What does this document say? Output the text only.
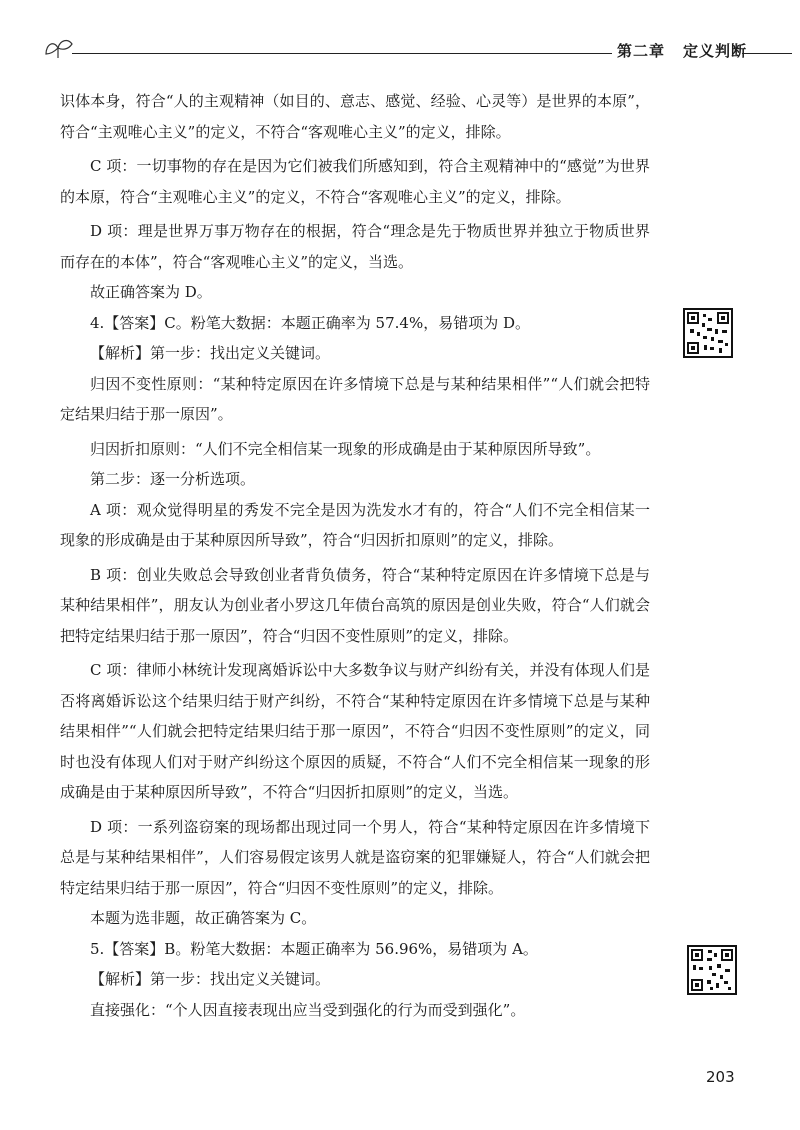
第二章 定义判断

识体本身，符合“人的主观精神（如目的、意志、感觉、经验、心灵等）是世界的本原”，符合“主观唯心主义”的定义，不符合“客观唯心主义”的定义，排除。

C 项：一切事物的存在是因为它们被我们所感知到，符合主观精神中的“感觉”为世界的本原，符合“主观唯心主义”的定义，不符合“客观唯心主义”的定义，排除。

D 项：理是世界万事万物存在的根据，符合“理念是先于物质世界并独立于物质世界而存在的本体”，符合“客观唯心主义”的定义，当选。

故正确答案为 D。

4.【答案】C。粉笔大数据：本题正确率为 57.4%，易错项为 D。

【解析】第一步：找出定义关键词。

归因不变性原则：“某种特定原因在许多情境下总是与某种结果相伴”“人们就会把特定结果归结于那一原因”。

归因折扣原则：“人们不完全相信某一现象的形成确是由于某种原因所导致”。

第二步：逐一分析选项。

A 项：观众觉得明星的秀发不完全是因为洗发水才有的，符合“人们不完全相信某一现象的形成确是由于某种原因所导致”，符合“归因折扣原则”的定义，排除。

B 项：创业失败总会导致创业者背负债务，符合“某种特定原因在许多情境下总是与某种结果相伴”，朋友认为创业者小罗这几年债台高筑的原因是创业失败，符合“人们就会把特定结果归结于那一原因”，符合“归因不变性原则”的定义，排除。

C 项：律师小林统计发现离婚诉讼中大多数争议与财产纠纷有关，并没有体现人们是否将离婚诉讼这个结果归结于财产纠纷，不符合“某种特定原因在许多情境下总是与某种结果相伴”“人们就会把特定结果归结于那一原因”，不符合“归因不变性原则”的定义，同时也没有体现人们对于财产纠纷这个原因的质疑，不符合“人们不完全相信某一现象的形成确是由于某种原因所导致”，不符合“归因折扣原则”的定义，当选。

D 项：一系列盗窃案的现场都出现过同一个男人，符合“某种特定原因在许多情境下总是与某种结果相伴”，人们容易假定该男人就是盗窃案的犯罪嫌疑人，符合“人们就会把特定结果归结于那一原因”，符合“归因不变性原则”的定义，排除。

本题为选非题，故正确答案为 C。

5.【答案】B。粉笔大数据：本题正确率为 56.96%，易错项为 A。

【解析】第一步：找出定义关键词。

直接强化：“个人因直接表现出应当受到强化的行为而受到强化”。

203
